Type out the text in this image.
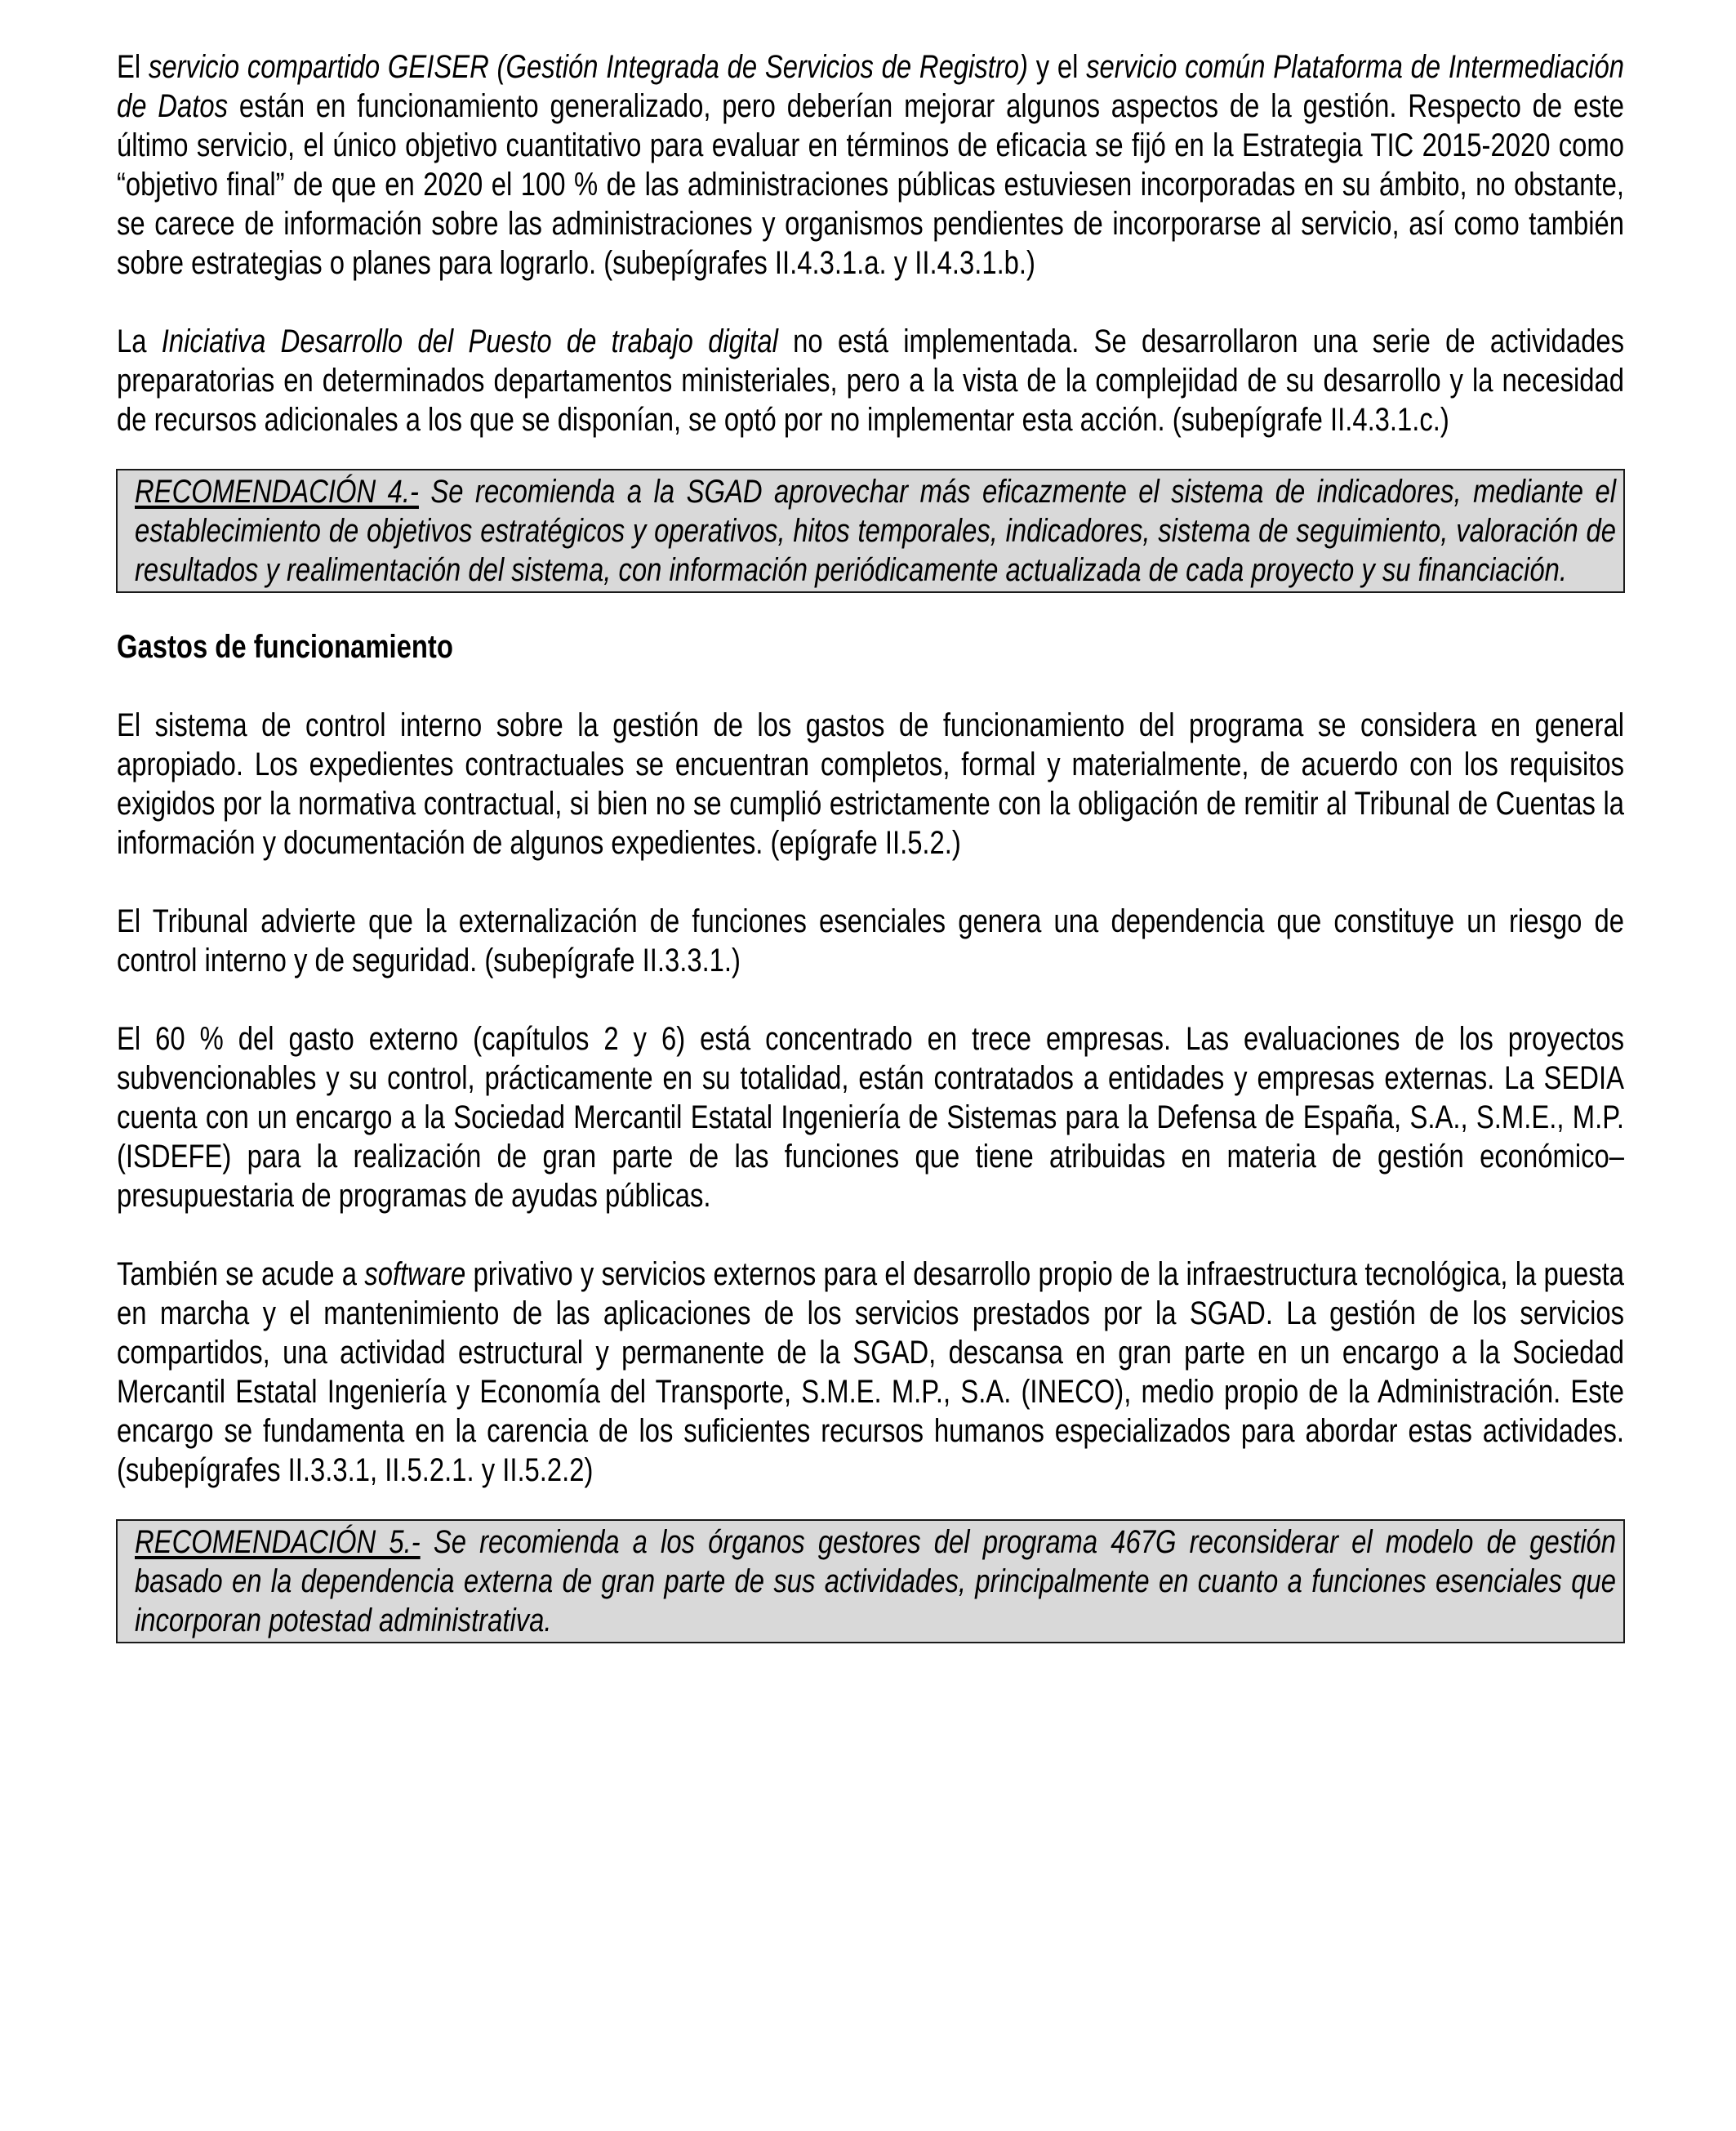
El servicio compartido GEISER (Gestión Integrada de Servicios de Registro) y el servicio común Plataforma de Intermediación de Datos están en funcionamiento generalizado, pero deberían mejorar algunos aspectos de la gestión. Respecto de este último servicio, el único objetivo cuantitativo para evaluar en términos de eficacia se fijó en la Estrategia TIC 2015-2020 como “objetivo final” de que en 2020 el 100 % de las administraciones públicas estuviesen incorporadas en su ámbito, no obstante, se carece de información sobre las administraciones y organismos pendientes de incorporarse al servicio, así como también sobre estrategias o planes para lograrlo. (subepígrafes II.4.3.1.a. y II.4.3.1.b.)
La Iniciativa Desarrollo del Puesto de trabajo digital no está implementada. Se desarrollaron una serie de actividades preparatorias en determinados departamentos ministeriales, pero a la vista de la complejidad de su desarrollo y la necesidad de recursos adicionales a los que se disponían, se optó por no implementar esta acción. (subepígrafe II.4.3.1.c.)
RECOMENDACIÓN 4.- Se recomienda a la SGAD aprovechar más eficazmente el sistema de indicadores, mediante el establecimiento de objetivos estratégicos y operativos, hitos temporales, indicadores, sistema de seguimiento, valoración de resultados y realimentación del sistema, con información periódicamente actualizada de cada proyecto y su financiación.
Gastos de funcionamiento
El sistema de control interno sobre la gestión de los gastos de funcionamiento del programa se considera en general apropiado. Los expedientes contractuales se encuentran completos, formal y materialmente, de acuerdo con los requisitos exigidos por la normativa contractual, si bien no se cumplió estrictamente con la obligación de remitir al Tribunal de Cuentas la información y documentación de algunos expedientes. (epígrafe II.5.2.)
El Tribunal advierte que la externalización de funciones esenciales genera una dependencia que constituye un riesgo de control interno y de seguridad. (subepígrafe II.3.3.1.)
El 60 % del gasto externo (capítulos 2 y 6) está concentrado en trece empresas. Las evaluaciones de los proyectos subvencionables y su control, prácticamente en su totalidad, están contratados a entidades y empresas externas. La SEDIA cuenta con un encargo a la Sociedad Mercantil Estatal Ingeniería de Sistemas para la Defensa de España, S.A., S.M.E., M.P. (ISDEFE) para la realización de gran parte de las funciones que tiene atribuidas en materia de gestión económico–presupuestaria de programas de ayudas públicas.
También se acude a software privativo y servicios externos para el desarrollo propio de la infraestructura tecnológica, la puesta en marcha y el mantenimiento de las aplicaciones de los servicios prestados por la SGAD. La gestión de los servicios compartidos, una actividad estructural y permanente de la SGAD, descansa en gran parte en un encargo a la Sociedad Mercantil Estatal Ingeniería y Economía del Transporte, S.M.E. M.P., S.A. (INECO), medio propio de la Administración. Este encargo se fundamenta en la carencia de los suficientes recursos humanos especializados para abordar estas actividades. (subepígrafes II.3.3.1, II.5.2.1. y II.5.2.2)
RECOMENDACIÓN 5.- Se recomienda a los órganos gestores del programa 467G reconsiderar el modelo de gestión basado en la dependencia externa de gran parte de sus actividades, principalmente en cuanto a funciones esenciales que incorporan potestad administrativa.
